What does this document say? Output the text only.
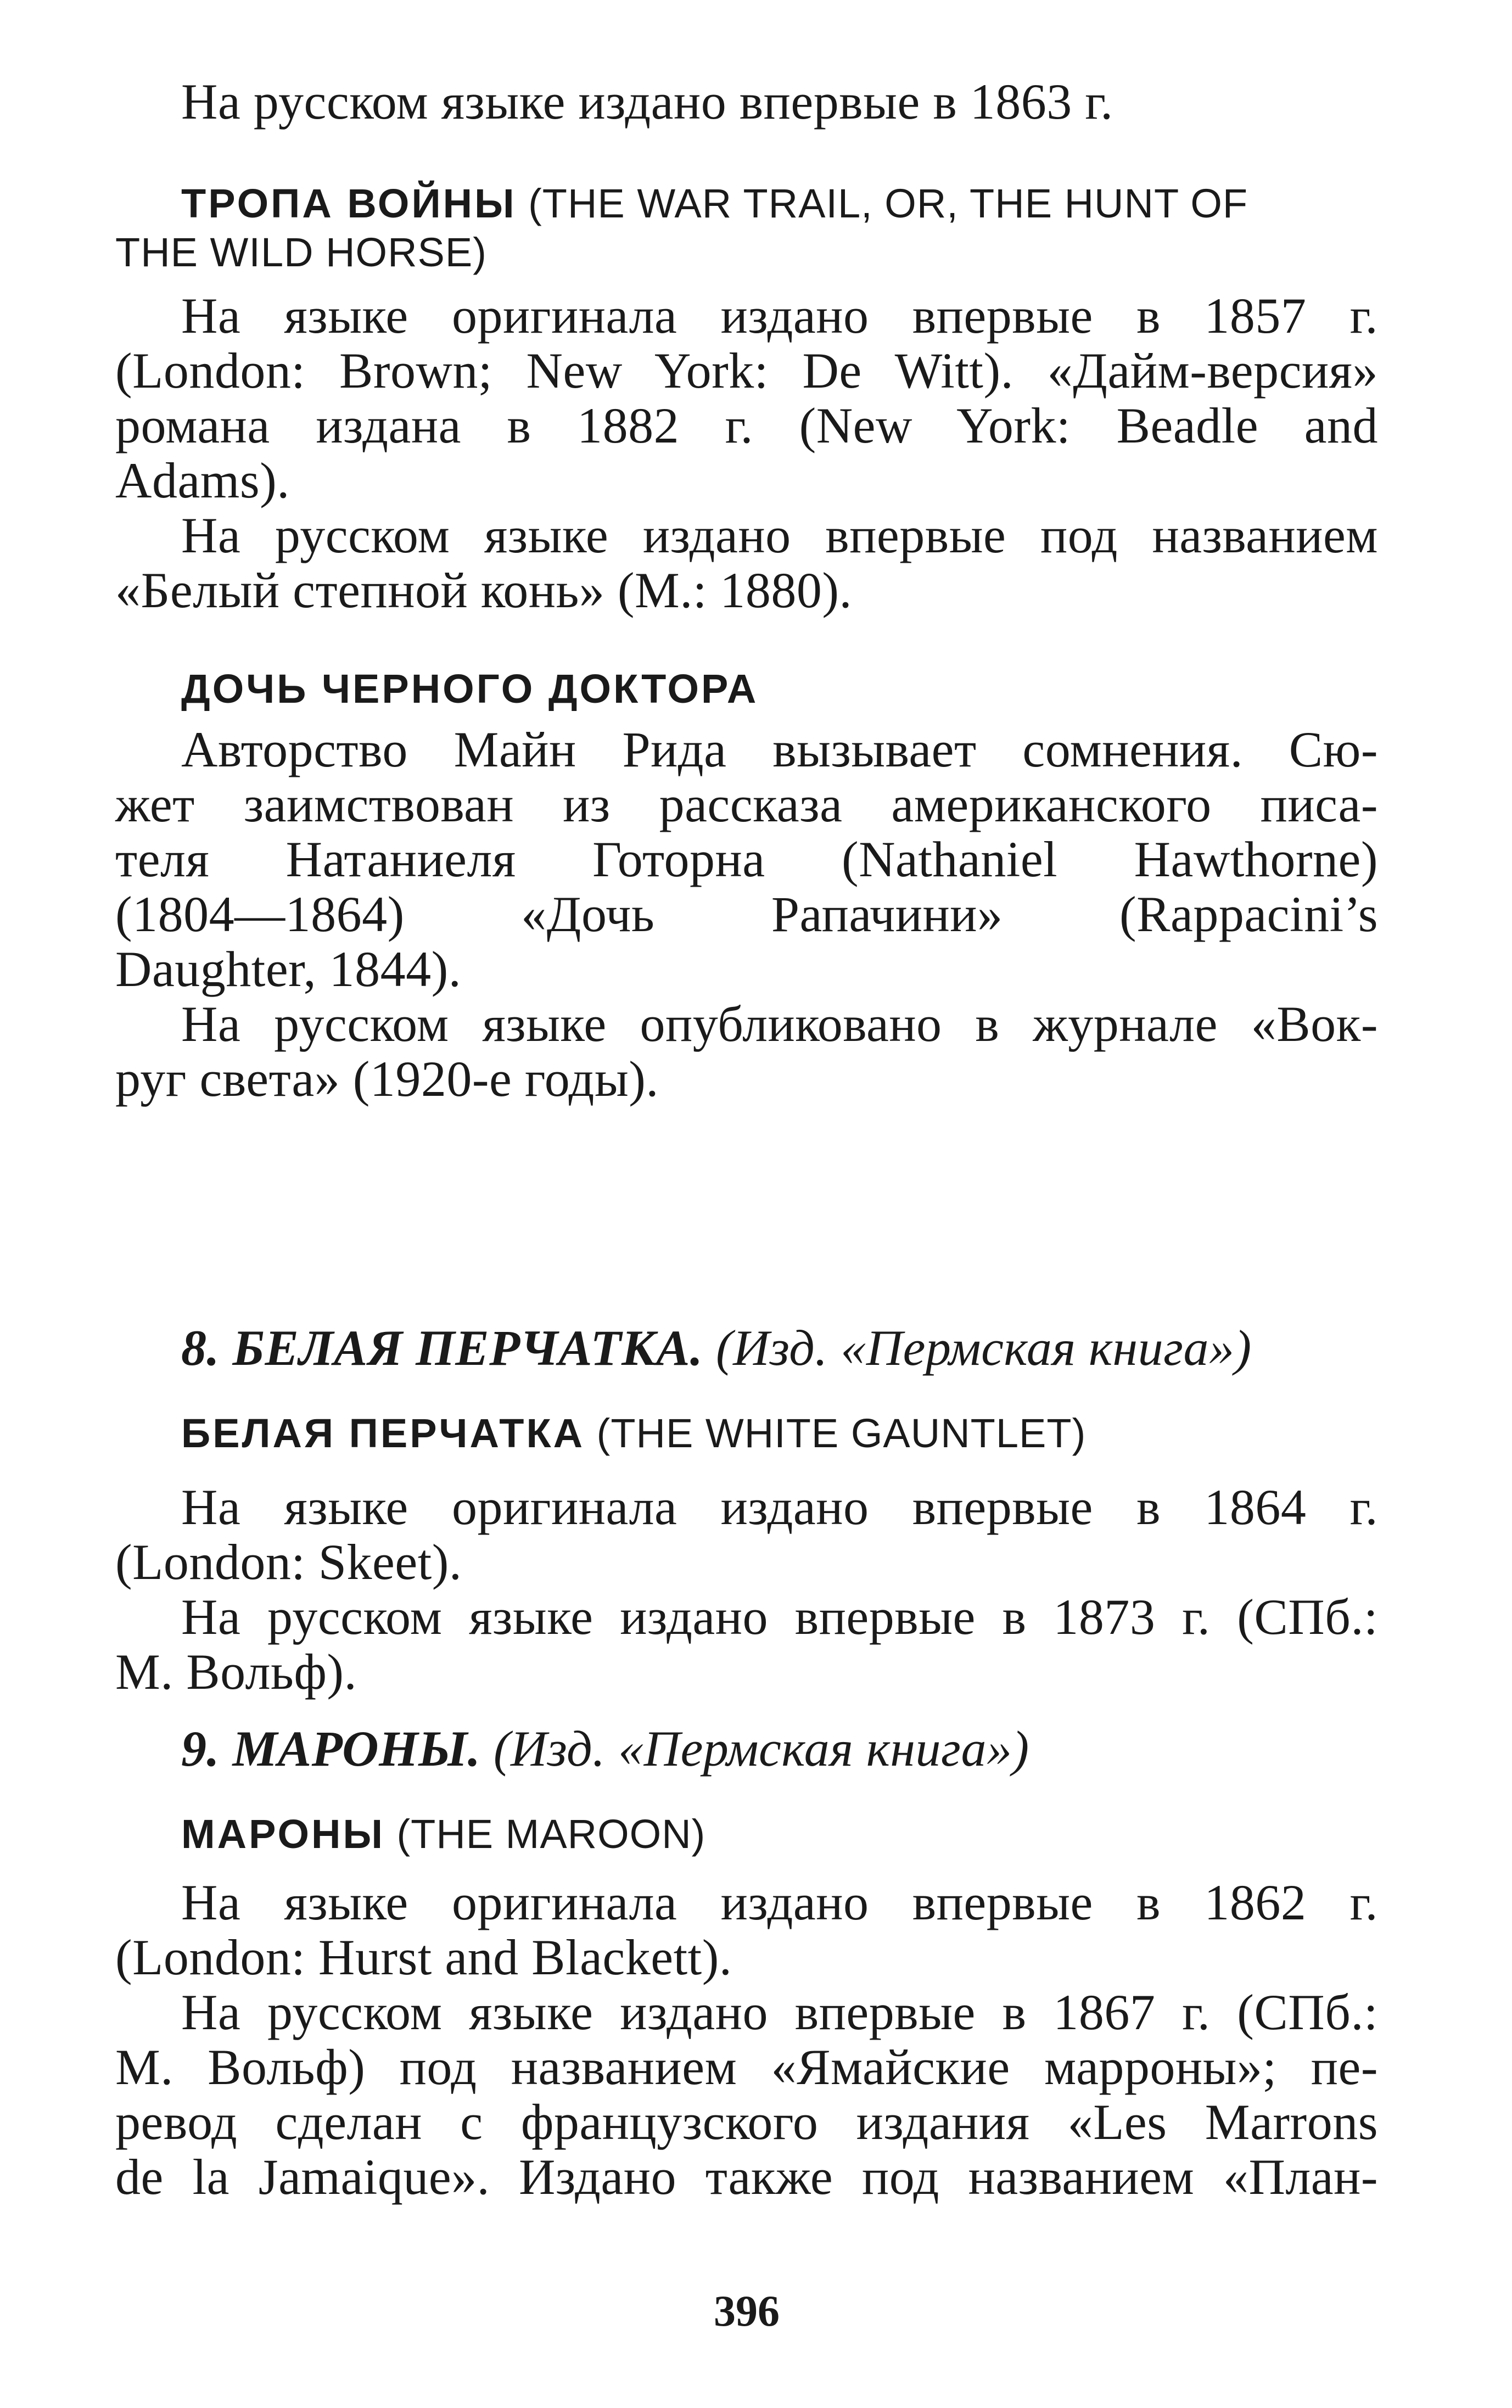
На русском языке издано впервые в 1863 г.
ТРОПА ВОЙНЫ (THE WAR TRAIL, OR, THE HUNT OF
THE WILD HORSE)
На языке оригинала издано впервые в 1857 г.
(London: Brown; New York: De Witt). «Дайм-версия»
романа издана в 1882 г. (New York: Beadle and
Adams).
На русском языке издано впервые под названием
«Белый степной конь» (М.: 1880).
ДОЧЬ ЧЕРНОГО ДОКТОРА
Авторство Майн Рида вызывает сомнения. Сю-
жет заимствован из рассказа американского писа-
теля Натаниеля Готорна (Nathaniel Hawthorne)
(1804—1864) «Дочь Рапачини» (Rappacini’s
Daughter, 1844).
На русском языке опубликовано в журнале «Вок-
руг света» (1920-е годы).
8. БЕЛАЯ ПЕРЧАТКА. (Изд. «Пермская книга»)
БЕЛАЯ ПЕРЧАТКА (THE WHITE GAUNTLET)
На языке оригинала издано впервые в 1864 г.
(London: Skeet).
На русском языке издано впервые в 1873 г. (СПб.:
М. Вольф).
9. МАРОНЫ. (Изд. «Пермская книга»)
МАРОНЫ (THE MAROON)
На языке оригинала издано впервые в 1862 г.
(London: Hurst and Blackett).
На русском языке издано впервые в 1867 г. (СПб.:
М. Вольф) под названием «Ямайские марроны»; пе-
ревод сделан с французского издания «Les Marrons
de la Jamaique». Издано также под названием «План-
396
